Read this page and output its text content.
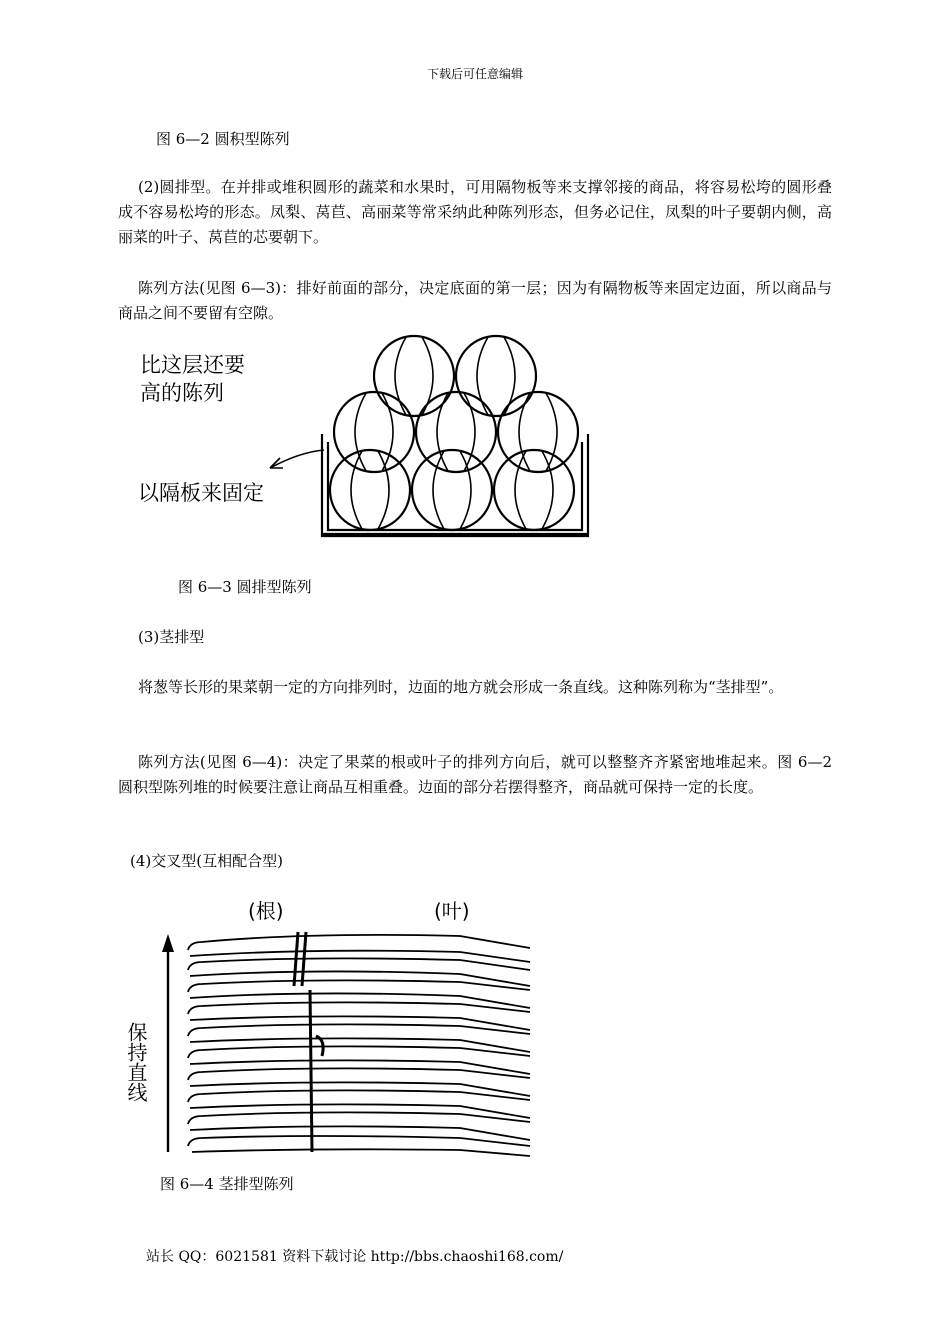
下载后可任意编辑
图 6—2 圆积型陈列

(2)圆排型。在并排或堆积圆形的蔬菜和水果时，可用隔物板等来支撑邻接的商品，将容易松垮的圆形叠成不容易松垮的形态。凤梨、莴苣、高丽菜等常采纳此种陈列形态，但务必记住，凤梨的叶子要朝内侧，高丽菜的叶子、莴苣的芯要朝下。

陈列方法(见图 6—3)：排好前面的部分，决定底面的第一层；因为有隔物板等来固定边面，所以商品与商品之间不要留有空隙。

比这层还要
高的陈列
以隔板来固定
图 6—3 圆排型陈列
(3)茎排型

将葱等长形的果菜朝一定的方向排列时，边面的地方就会形成一条直线。这种陈列称为“茎排型”。

陈列方法(见图 6—4)：决定了果菜的根或叶子的排列方向后，就可以整整齐齐紧密地堆起来。图 6—2 圆积型陈列堆的时候要注意让商品互相重叠。边面的部分若摆得整齐，商品就可保持一定的长度。

(4)交叉型(互相配合型)
(根)	(叶)
保持直线
图 6—4 茎排型陈列
站长 QQ：6021581 资料下载讨论 http://bbs.chaoshi168.com/
